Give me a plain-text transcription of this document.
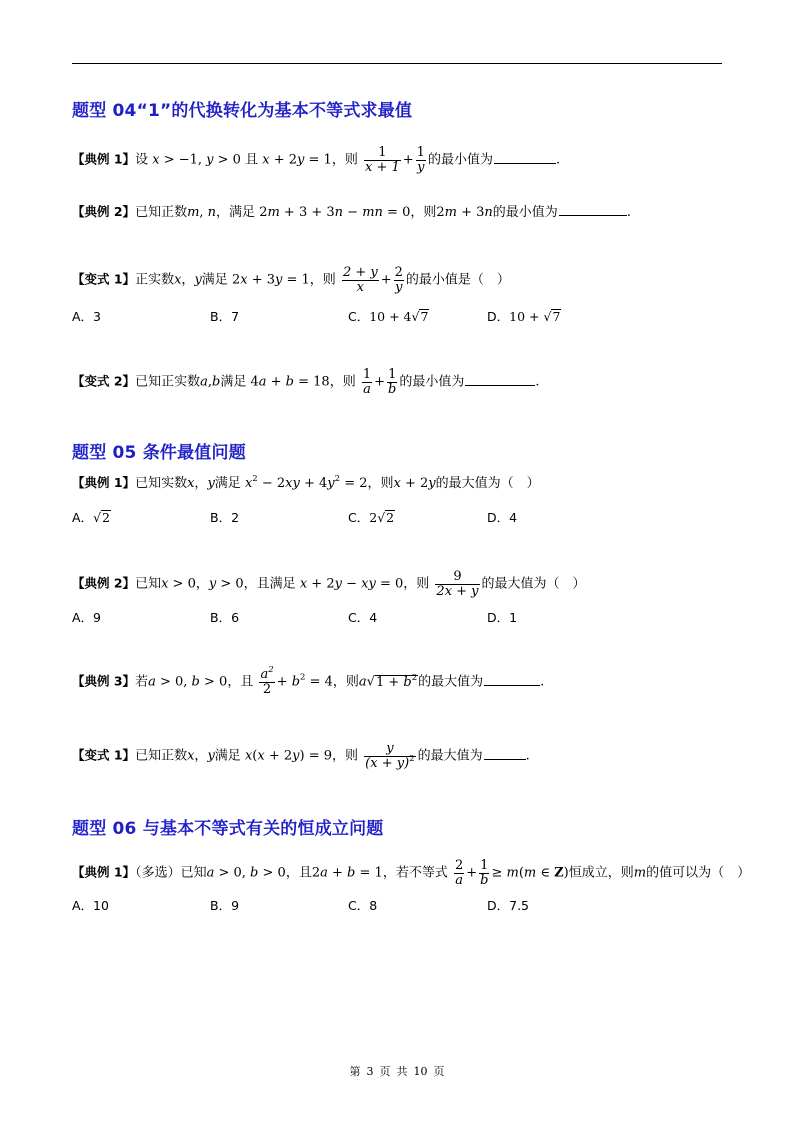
题型 04“1”的代换转化为基本不等式求最值
【典例 1】设 x > −1, y > 0 且 x + 2y = 1，则 $\frac{1}{x + 1} + \frac{1}{y}$ 的最小值为	.
【典例 2】已知正数m, n，满足 2m + 3 + 3n − mn = 0，则2m + 3n的最小值为	.
【变式 1】正实数x，y满足 2x + 3y = 1，则 $\frac{2 + y}{x} + \frac{2}{y}$ 的最小值是（　）
A．3	B．7	C．10 + 4√7	D．10 + √7
【变式 2】已知正实数a,b满足 4a + b = 18，则 $\frac{1}{a} + \frac{1}{b}$ 的最小值为	.
题型 05 条件最值问题
【典例 1】已知实数x，y满足 $x^2 - 2xy + 4y^2 = 2$，则x + 2y的最大值为（　）
A．√2	B．2	C．2√2	D．4
【典例 2】已知x > 0，y > 0，且满足 x + 2y − xy = 0，则 $\frac{9}{2x + y}$ 的最大值为（　）
A．9	B．6	C．4	D．1
【典例 3】若a > 0, b > 0，且 $\frac{a^2}{2} + b^2 = 4$，则$a√1 + b^2$的最大值为	.
【变式 1】已知正数x，y满足 x(x + 2y) = 9，则 $\frac{y}{(x + y)^2}$ 的最大值为	.
题型 06 与基本不等式有关的恒成立问题
【典例 1】（多选）已知a > 0, b > 0，且2a + b = 1，若不等式 $\frac{2}{a} + \frac{1}{b} \ge m(m$ ∈ Z)恒成立，则m的值可以为（　）
A．10	B．9	C．8	D．7.5
第 3 页 共 10 页
